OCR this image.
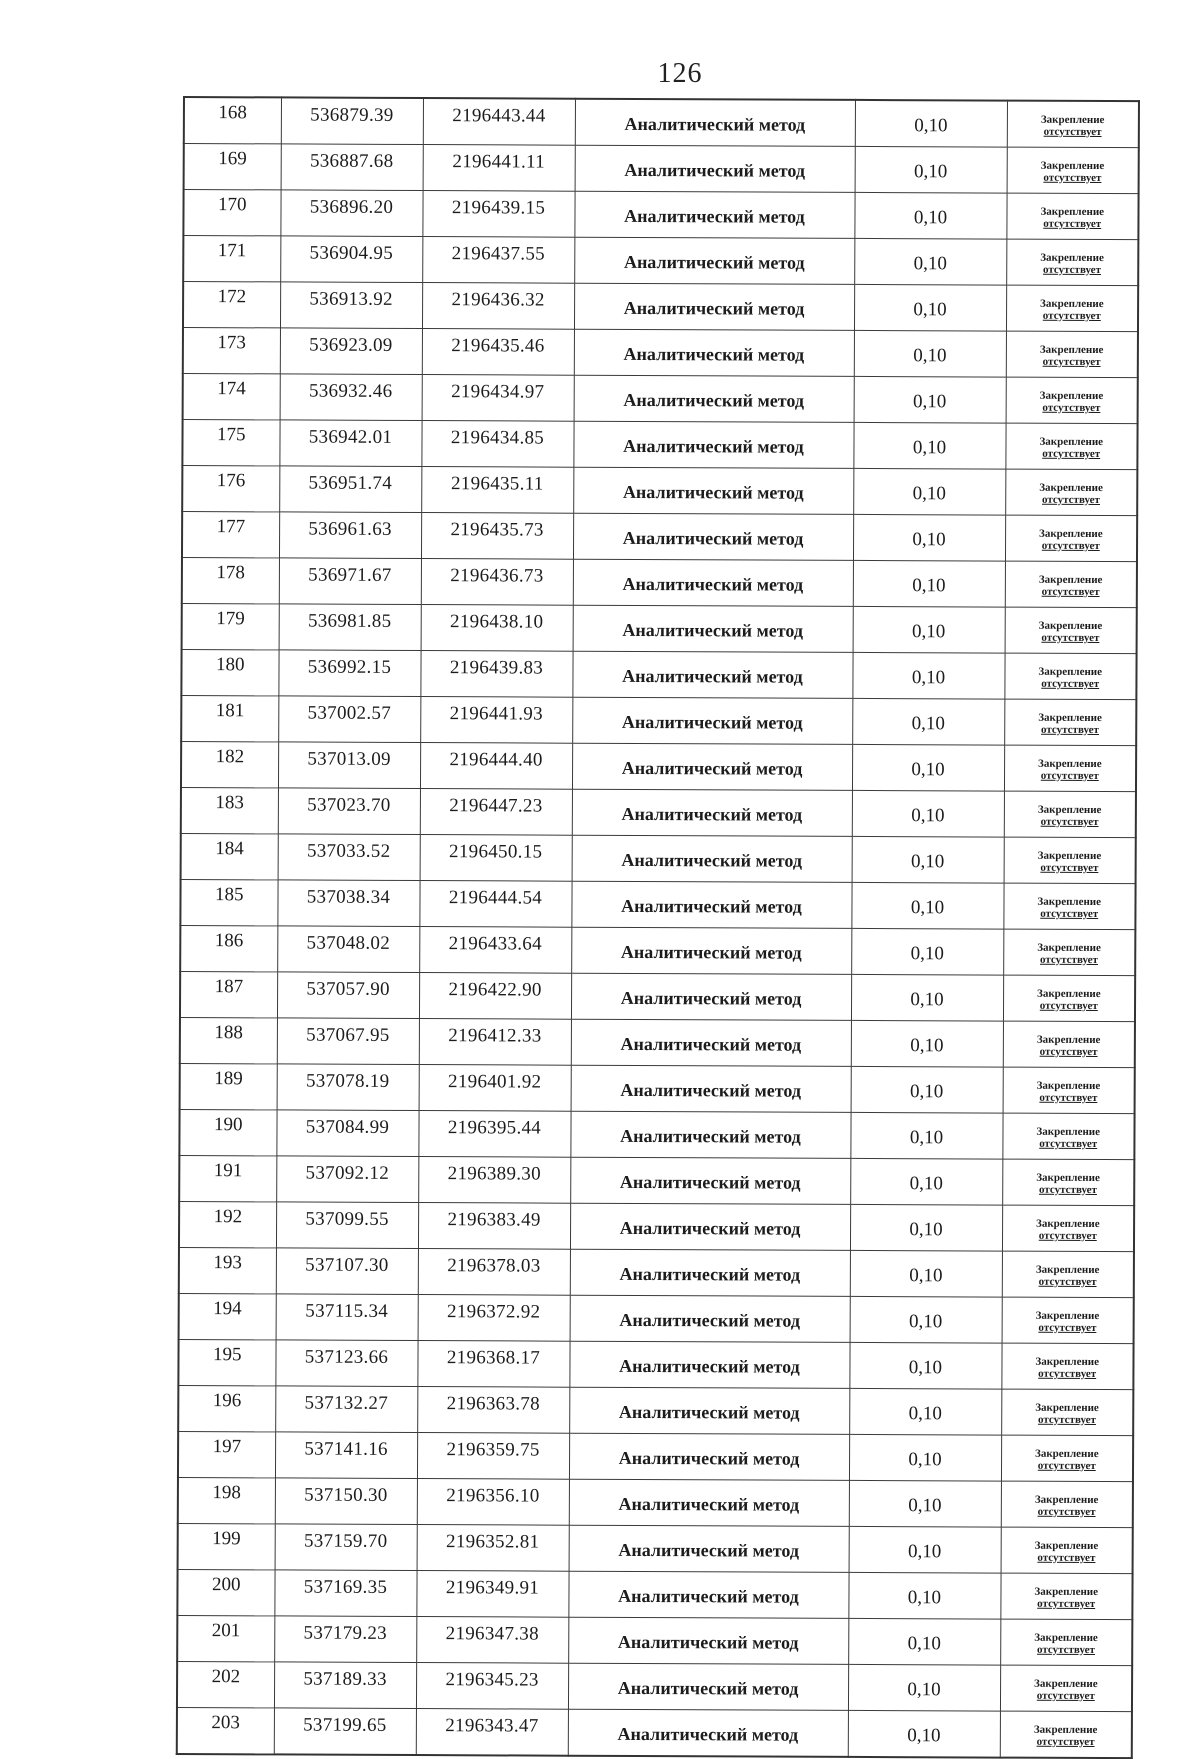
126
168	536879.39	2196443.44	Аналитический метод	0,10	Закрепление
отсутствует

169	536887.68	2196441.11	Аналитический метод	0,10	Закрепление
отсутствует

170	536896.20	2196439.15	Аналитический метод	0,10	Закрепление
отсутствует

171	536904.95	2196437.55	Аналитический метод	0,10	Закрепление
отсутствует

172	536913.92	2196436.32	Аналитический метод	0,10	Закрепление
отсутствует

173	536923.09	2196435.46	Аналитический метод	0,10	Закрепление
отсутствует

174	536932.46	2196434.97	Аналитический метод	0,10	Закрепление
отсутствует

175	536942.01	2196434.85	Аналитический метод	0,10	Закрепление
отсутствует

176	536951.74	2196435.11	Аналитический метод	0,10	Закрепление
отсутствует

177	536961.63	2196435.73	Аналитический метод	0,10	Закрепление
отсутствует

178	536971.67	2196436.73	Аналитический метод	0,10	Закрепление
отсутствует

179	536981.85	2196438.10	Аналитический метод	0,10	Закрепление
отсутствует

180	536992.15	2196439.83	Аналитический метод	0,10	Закрепление
отсутствует

181	537002.57	2196441.93	Аналитический метод	0,10	Закрепление
отсутствует

182	537013.09	2196444.40	Аналитический метод	0,10	Закрепление
отсутствует

183	537023.70	2196447.23	Аналитический метод	0,10	Закрепление
отсутствует

184	537033.52	2196450.15	Аналитический метод	0,10	Закрепление
отсутствует

185	537038.34	2196444.54	Аналитический метод	0,10	Закрепление
отсутствует

186	537048.02	2196433.64	Аналитический метод	0,10	Закрепление
отсутствует

187	537057.90	2196422.90	Аналитический метод	0,10	Закрепление
отсутствует

188	537067.95	2196412.33	Аналитический метод	0,10	Закрепление
отсутствует

189	537078.19	2196401.92	Аналитический метод	0,10	Закрепление
отсутствует

190	537084.99	2196395.44	Аналитический метод	0,10	Закрепление
отсутствует

191	537092.12	2196389.30	Аналитический метод	0,10	Закрепление
отсутствует

192	537099.55	2196383.49	Аналитический метод	0,10	Закрепление
отсутствует

193	537107.30	2196378.03	Аналитический метод	0,10	Закрепление
отсутствует

194	537115.34	2196372.92	Аналитический метод	0,10	Закрепление
отсутствует

195	537123.66	2196368.17	Аналитический метод	0,10	Закрепление
отсутствует

196	537132.27	2196363.78	Аналитический метод	0,10	Закрепление
отсутствует

197	537141.16	2196359.75	Аналитический метод	0,10	Закрепление
отсутствует

198	537150.30	2196356.10	Аналитический метод	0,10	Закрепление
отсутствует

199	537159.70	2196352.81	Аналитический метод	0,10	Закрепление
отсутствует

200	537169.35	2196349.91	Аналитический метод	0,10	Закрепление
отсутствует

201	537179.23	2196347.38	Аналитический метод	0,10	Закрепление
отсутствует

202	537189.33	2196345.23	Аналитический метод	0,10	Закрепление
отсутствует

203	537199.65	2196343.47	Аналитический метод	0,10	Закрепление
отсутствует
